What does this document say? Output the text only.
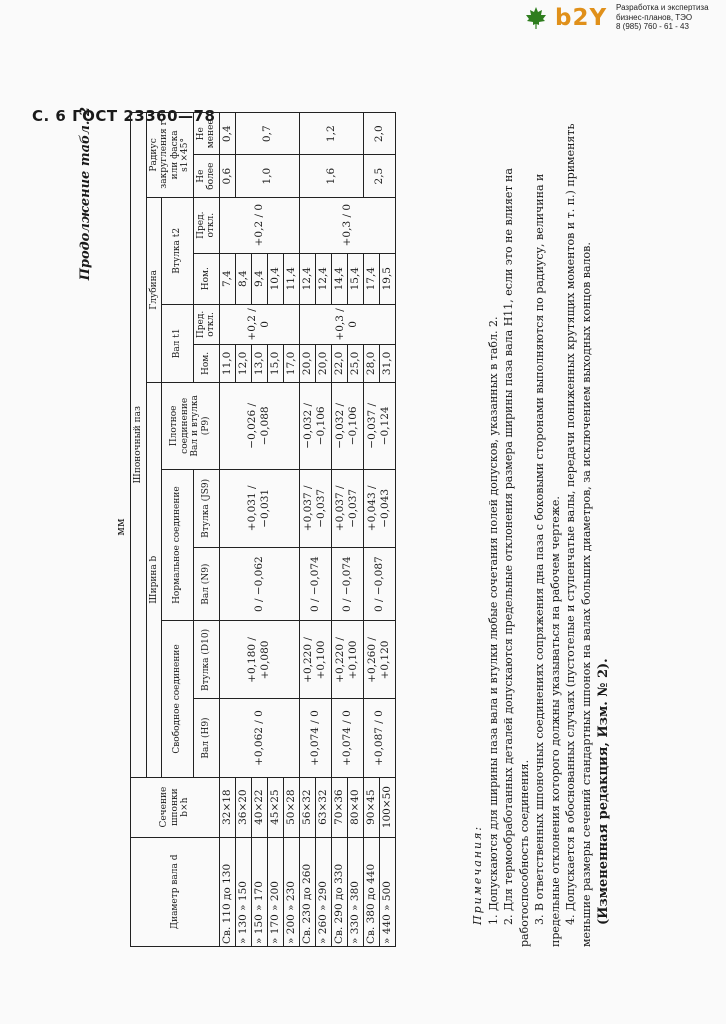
b2Y Разработка и экспертиза
бизнес-планов, ТЭО
8 (985) 760 - 61 - 43
С. 6 ГОСТ 23360—78
Продолжение табл. 2
мм
Диаметр вала d	Сечение шпонки b×h	Шпоночный паз										
		Ширина b					Глубина				Радиус закругления r или фаска s1×45°	
		Свободное соединение		Нормальное соединение		Плотное соединение
Вал и втулка (P9)	Вал t1		Втулка t2			
		Вал (H9)	Втулка (D10)	Вал (N9)	Втулка (JS9)		Ном.	Пред. откл.	Ном.	Пред. откл.	Не более	Не менее
Св. 110 до 130	32×18	+0,062 / 0	+0,180 / +0,080	0 / −0,062	+0,031 / −0,031	−0,026 / −0,088	11,0	+0,2 / 0	7,4	+0,2 / 0	0,6	0,4
» 130 » 150	36×20						12,0		8,4		1,0	0,7
» 150 » 170	40×22						13,0		9,4			
» 170 » 200	45×25						15,0		10,4			
» 200 » 230	50×28						17,0		11,4			
Св. 230 до 260	56×32	+0,074 / 0	+0,220 / +0,100	0 / −0,074	+0,037 / −0,037	−0,032 / −0,106	20,0	+0,3 / 0	12,4	+0,3 / 0	1,6	1,2
» 260 » 290	63×32						20,0		12,4			
Св. 290 до 330	70×36	+0,074 / 0	+0,220 / +0,100	0 / −0,074	+0,037 / −0,037	−0,032 / −0,106	22,0		14,4			
» 330 » 380	80×40						25,0		15,4			
Св. 380 до 440	90×45	+0,087 / 0	+0,260 / +0,120	0 / −0,087	+0,043 / −0,043	−0,037 / −0,124	28,0		17,4		2,5	2,0
» 440 » 500	100×50						31,0		19,5			

Примечания: 1. Допускаются для ширины паза вала и втулки любые сочетания полей допусков, указанных в табл. 2. 2. Для термообработанных деталей допускаются предельные отклонения размера ширины паза вала H11, если это не влияет на работоспособность соединения. 3. В ответственных шпоночных соединениях сопряжения дна паза с боковыми сторонами выполняются по радиусу, величина и предельные отклонения которого должны указываться на рабочем чертеже. 4. Допускается в обоснованных случаях (пустотелые и ступенчатые валы, передачи пониженных крутящих моментов и т. п.) применять меньшие размеры сечений стандартных шпонок на валах больших диаметров, за исключением выходных концов валов. (Измененная редакция, Изм. № 2).
